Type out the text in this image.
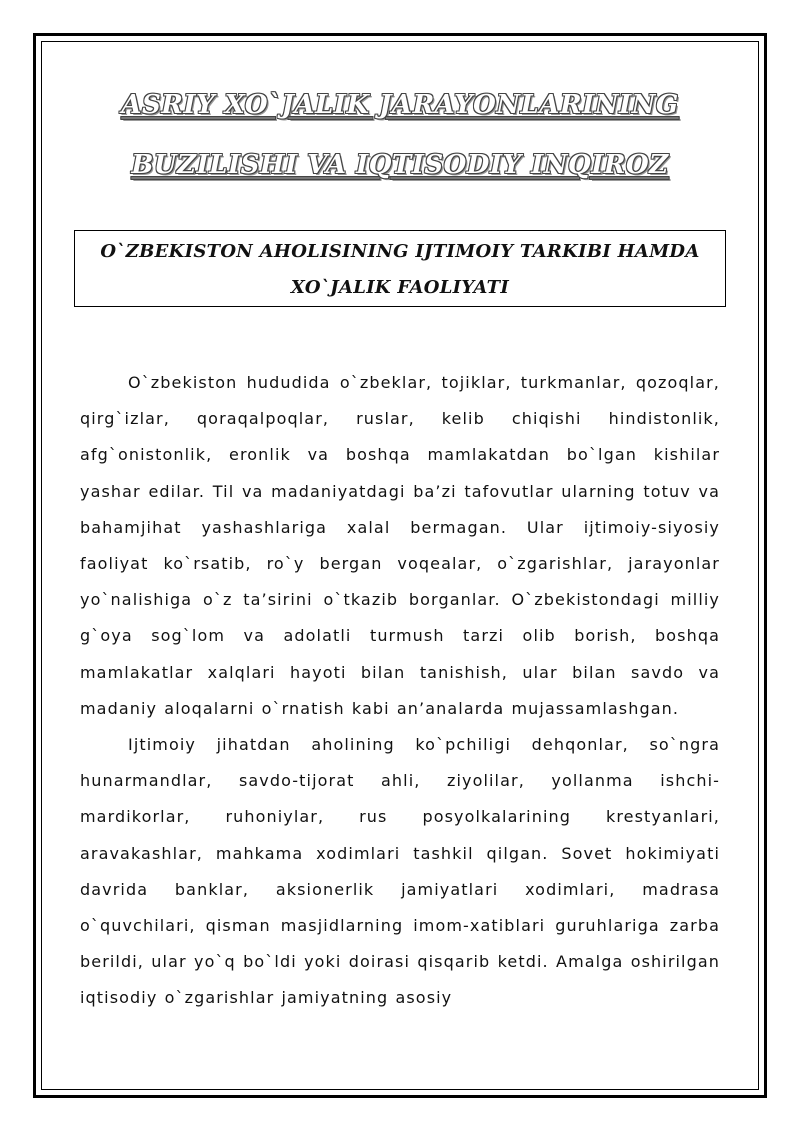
ASRIY XO`JALIK JARAYONLARINING
BUZILISHI VA IQTISODIY INQIROZ
O`ZBEKISTON AHOLISINING IJTIMOIY TARKIBI HAMDA
XO`JALIK FAOLIYATI

O`zbekiston hududida o`zbeklar, tojiklar, turkmanlar, qozoqlar, qirg`izlar, qoraqalpoqlar, ruslar, kelib chiqishi hindistonlik, afg`onistonlik, eronlik va boshqa mamlakatdan bo`lgan kishilar yashar edilar. Til va madaniyatdagi ba’zi tafovutlar ularning totuv va bahamjihat yashashlariga xalal bermagan. Ular ijtimoiy-siyosiy faoliyat ko`rsatib, ro`y bergan voqealar, o`zgarishlar, jarayonlar yo`nalishiga o`z ta’sirini o`tkazib borganlar. O`zbekistondagi milliy g`oya sog`lom va adolatli turmush tarzi olib borish, boshqa mamlakatlar xalqlari hayoti bilan tanishish, ular bilan savdo va madaniy aloqalarni o`rnatish kabi an’analarda mujassamlashgan.

Ijtimoiy jihatdan aholining ko`pchiligi dehqonlar, so`ngra hunarmandlar, savdo-tijorat ahli, ziyolilar, yollanma ishchi-mardikorlar, ruhoniylar, rus posyolkalarining krestyanlari, aravakashlar, mahkama xodimlari tashkil qilgan. Sovet hokimiyati davrida banklar, aksionerlik jamiyatlari xodimlari, madrasa o`quvchilari, qisman masjidlarning imom-xatiblari guruhlariga zarba berildi, ular yo`q bo`ldi yoki doirasi qisqarib ketdi. Amalga oshirilgan iqtisodiy o`zgarishlar jamiyatning asosiy
